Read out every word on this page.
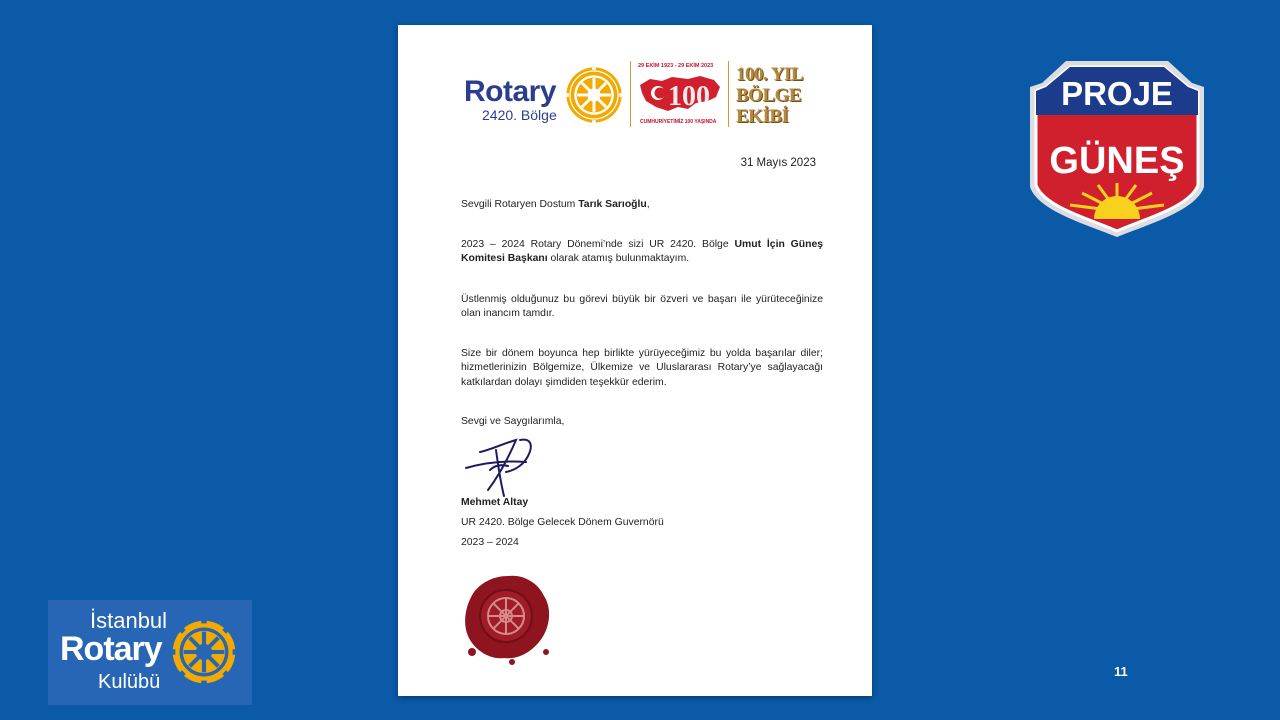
Rotary
2420. Bölge
29 EKİM 1923 - 29 EKİM 2023
100
CUMHURİYETİMİZ 100 YAŞINDA
100. YIL
BÖLGE
EKİBİ
31 Mayıs 2023
Sevgili Rotaryen Dostum Tarık Sarıoğlu,
2023 – 2024 Rotary Dönemi’nde sizi UR 2420. Bölge Umut İçin Güneş Komitesi Başkanı olarak atamış bulunmaktayım.
Üstlenmiş olduğunuz bu görevi büyük bir özveri ve başarı ile yürüteceğinize olan inancım tamdır.
Size bir dönem boyunca hep birlikte yürüyeceğimiz bu yolda başarılar diler; hizmetlerinizin Bölgemize, Ülkemize ve Uluslararası Rotary’ye sağlayacağı katkılardan dolayı şimdiden teşekkür ederim.
Sevgi ve Saygılarımla,
Mehmet Altay
UR 2420. Bölge Gelecek Dönem Guvernörü
2023 – 2024
PROJE
GÜNEŞ
İstanbul
Rotary
Kulübü	11
